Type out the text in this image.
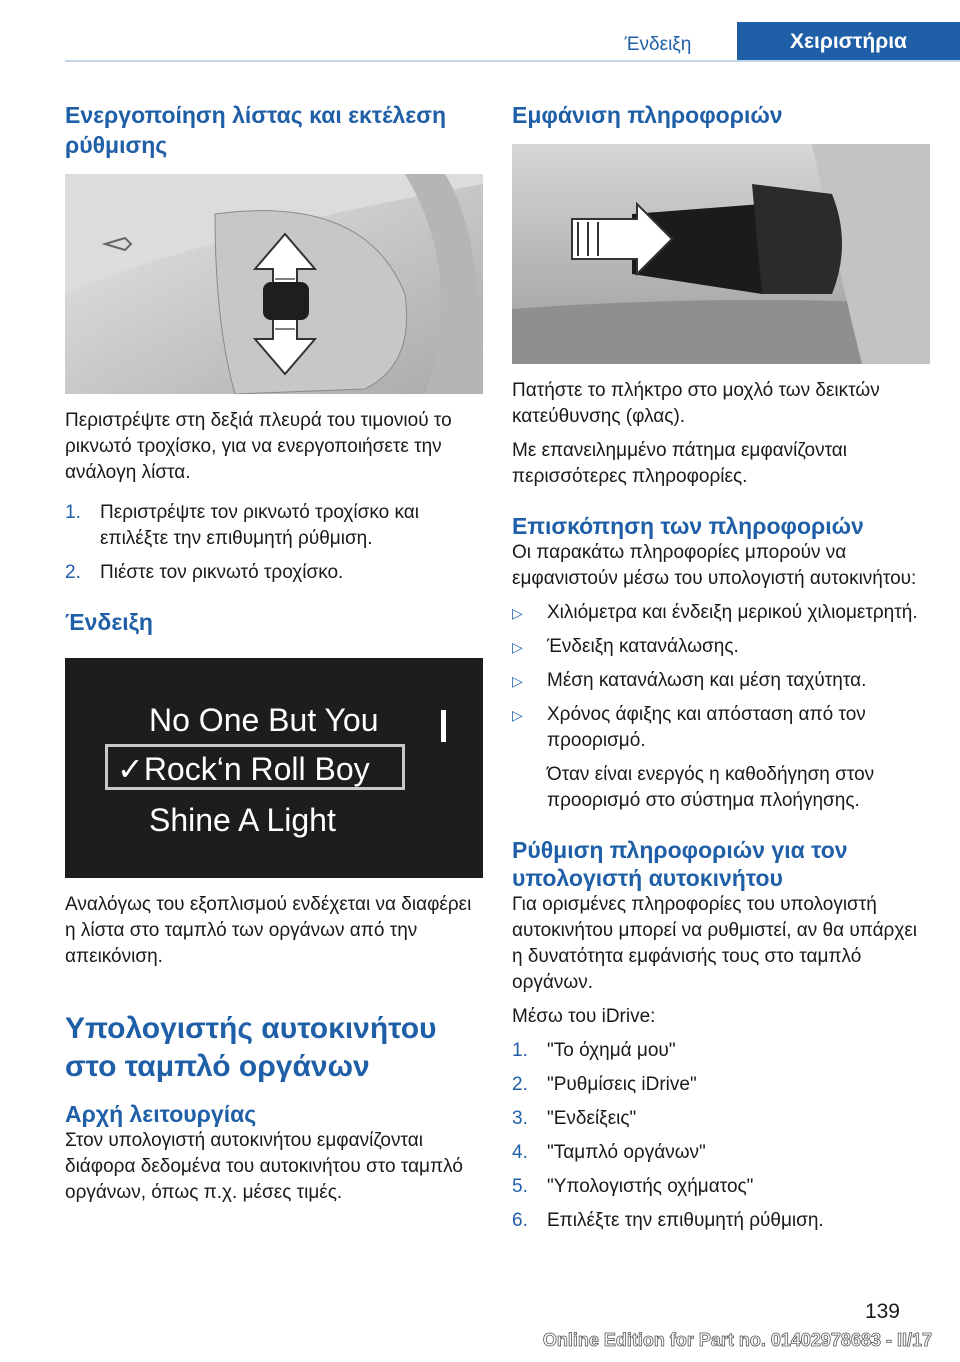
Ένδειξη	Χειριστήρια
Ενεργοποίηση λίστας και εκτέλεση ρύθμισης

Περιστρέψτε στη δεξιά πλευρά του τιμονιού το ρικνωτό τροχίσκο, για να ενεργοποιήσετε την ανάλογη λίστα.

1.	Περιστρέψτε τον ρικνωτό τροχίσκο και επιλέξτε την επιθυμητή ρύθμιση.
2.	Πιέστε τον ρικνωτό τροχίσκο.
Ένδειξη
No One But You
✓Rock‘n Roll Boy
Shine A Light

Αναλόγως του εξοπλισμού ενδέχεται να διαφέρει η λίστα στο ταμπλό των οργάνων από την απεικόνιση.

Υπολογιστής αυτοκινήτου στο ταμπλό οργάνων
Αρχή λειτουργίας

Στον υπολογιστή αυτοκινήτου εμφανίζονται διάφορα δεδομένα του αυτοκινήτου στο ταμπλό οργάνων, όπως π.χ. μέσες τιμές.

Εμφάνιση πληροφοριών

Πατήστε το πλήκτρο στο μοχλό των δεικτών κατεύθυνσης (φλας).

Με επανειλημμένο πάτημα εμφανίζονται περισσότερες πληροφορίες.

Επισκόπηση των πληροφοριών

Οι παρακάτω πληροφορίες μπορούν να εμφανιστούν μέσω του υπολογιστή αυτοκινήτου:

▷	Χιλιόμετρα και ένδειξη μερικού χιλιομετρητή.
▷	Ένδειξη κατανάλωσης.
▷	Μέση κατανάλωση και μέση ταχύτητα.
▷	Χρόνος άφιξης και απόσταση από τον προορισμό.

Όταν είναι ενεργός η καθοδήγηση στον προορισμό στο σύστημα πλοήγησης.

Ρύθμιση πληροφοριών για τον υπολογιστή αυτοκινήτου

Για ορισμένες πληροφορίες του υπολογιστή αυτοκινήτου μπορεί να ρυθμιστεί, αν θα υπάρχει η δυνατότητα εμφάνισής τους στο ταμπλό οργάνων.

Μέσω του iDrive:

1.	"Το όχημά μου"
2.	"Ρυθμίσεις iDrive"
3.	"Ενδείξεις"
4.	"Ταμπλό οργάνων"
5.	"Υπολογιστής οχήματος"
6.	Επιλέξτε την επιθυμητή ρύθμιση.
139
Online Edition for Part no. 01402978683 - II/17
